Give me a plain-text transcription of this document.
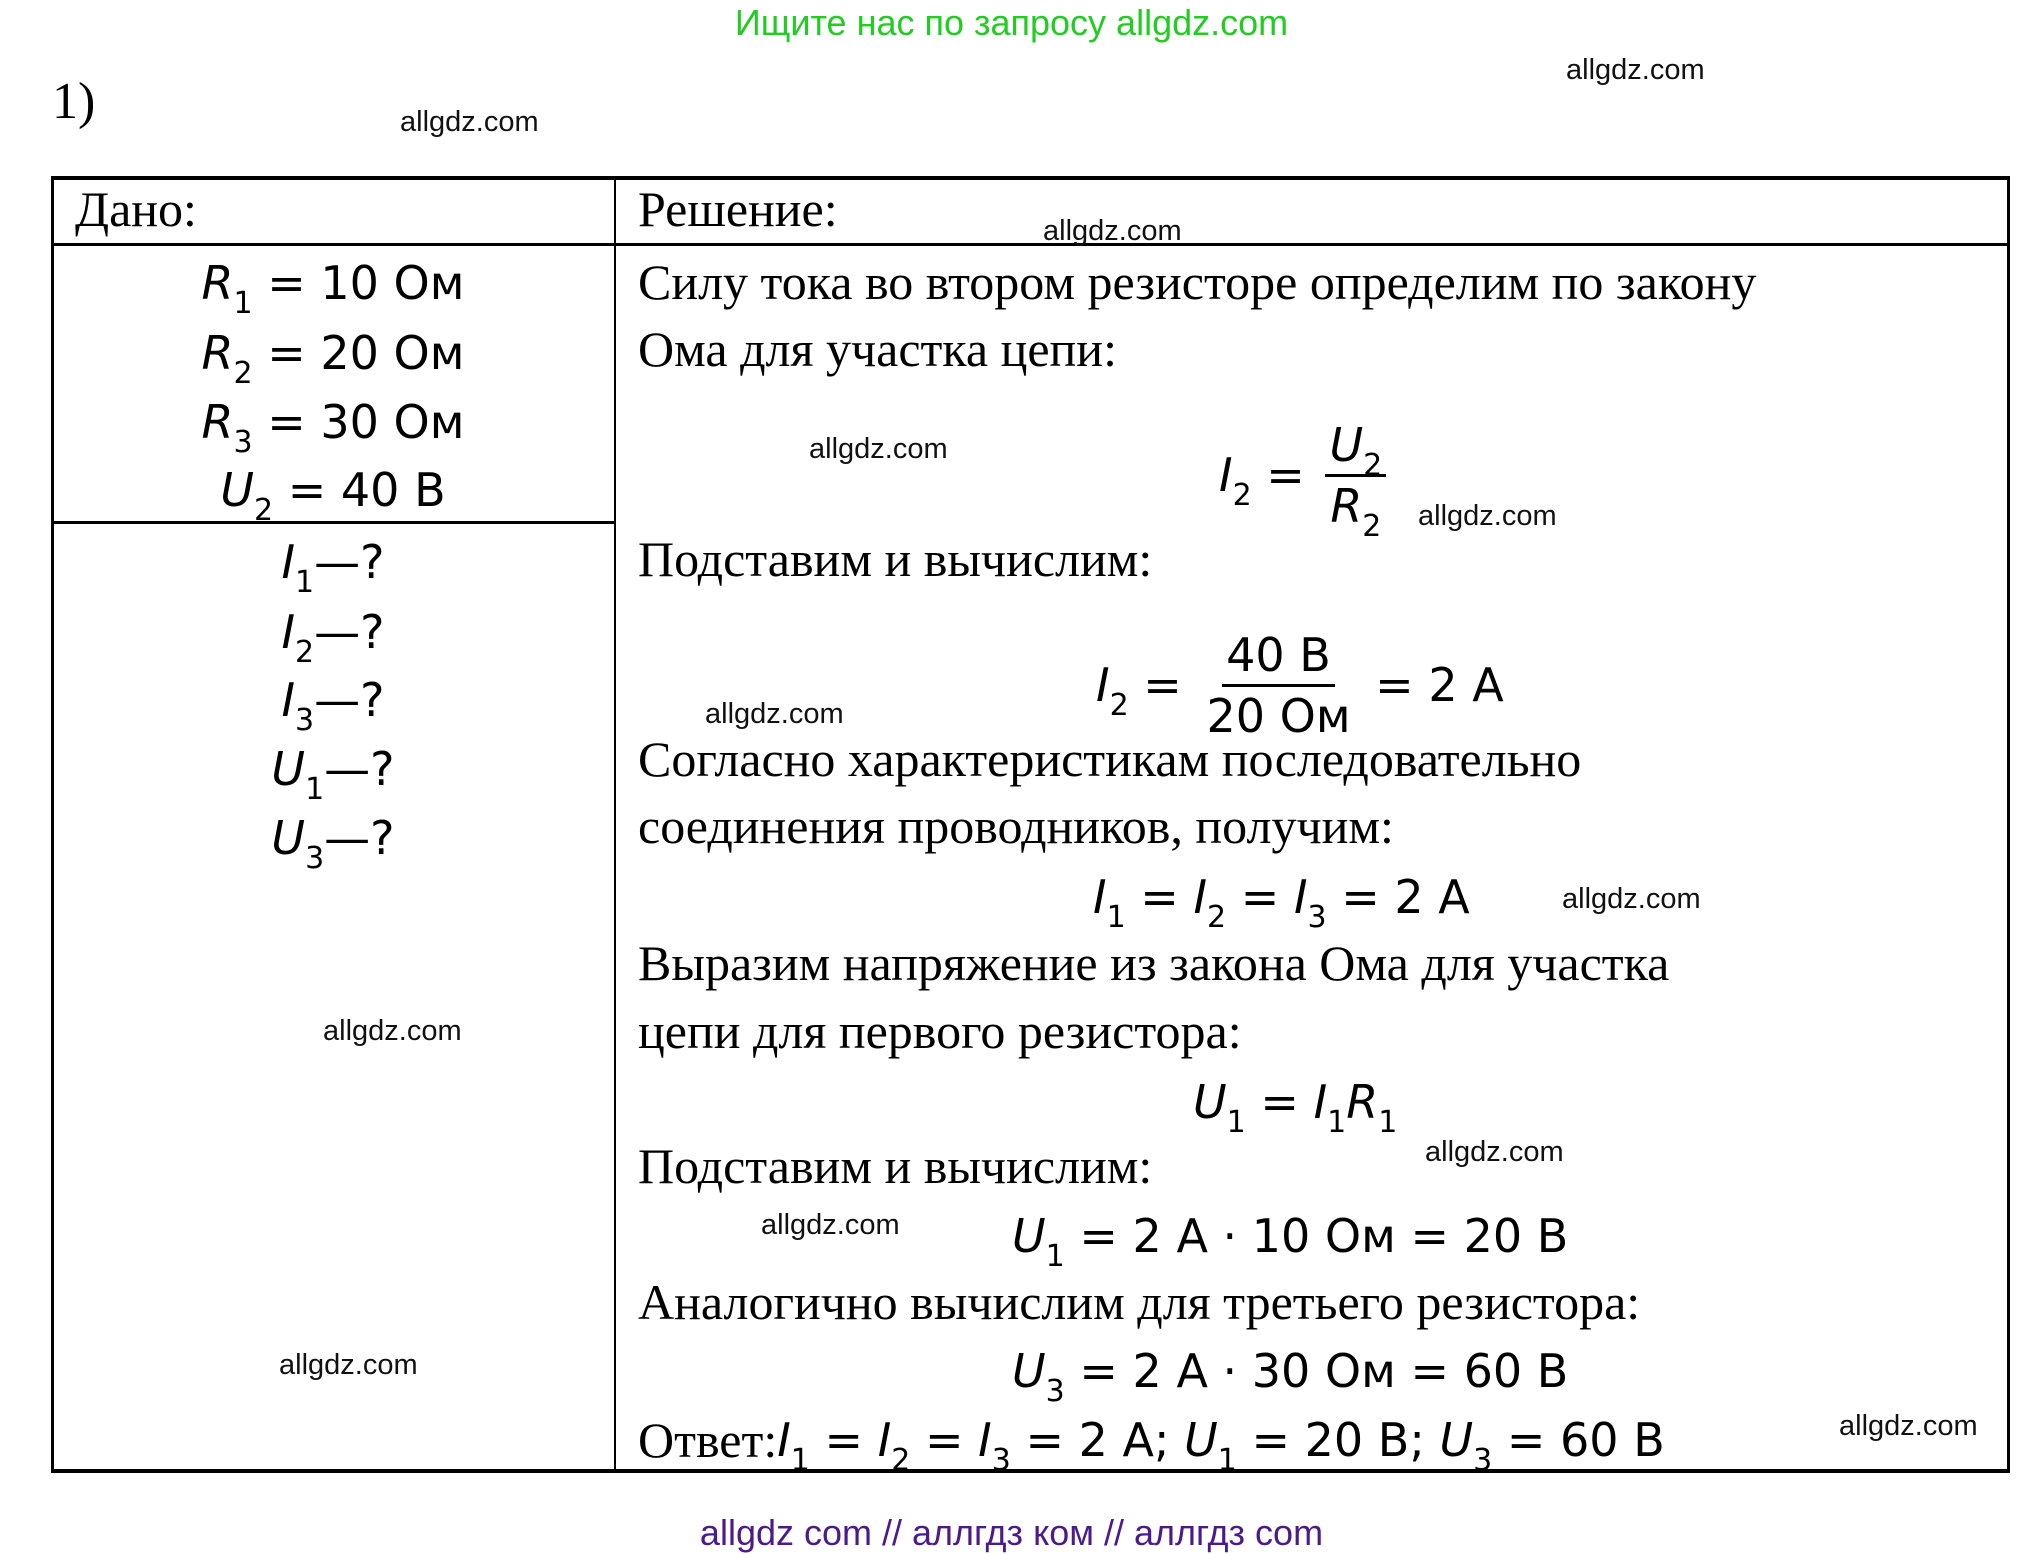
Ищите нас по запросу allgdz.com
1)
Дано:	Решение:
$R_1 = 10$ Ом
$R_2 = 20$ Ом
$R_3 = 30$ Ом
$U_2 = 40$ В
$I_1$ —?
$I_2$ —?
$I_3$ —?
$U_1$ —?
$U_3$ —?
Силу тока во втором резисторе определим по закону
Ома для участка цепи:
$I_2 = \frac{U_2}{R_2}$
Подставим и вычислим:
$I_2 = \frac{40 В}{20 Ом} = 2$ А
Согласно характеристикам последовательно
соединения проводников, получим:
$I_1 = I_2 = I_3 = 2$ А
Выразим напряжение из закона Ома для участка
цепи для первого резистора:
$U_1 = I_1$ $R_1$
Подставим и вычислим:
$U_1 = 2$ А · 10 Ом = 20 В
Аналогично вычислим для третьего резистора:
$U_3 = 2$ А · 30 Ом = 60 В
Ответ: $I_1 = I_2 = I_3 = 2$ А; $U_1 = 20$ В; $U_3 = 60$ В
allgdz.com
allgdz.com
allgdz.com
allgdz.com
allgdz.com
allgdz.com
allgdz.com
allgdz.com
allgdz.com
allgdz.com
allgdz.com
allgdz.com
allgdz com // аллгдз ком // аллгдз com
